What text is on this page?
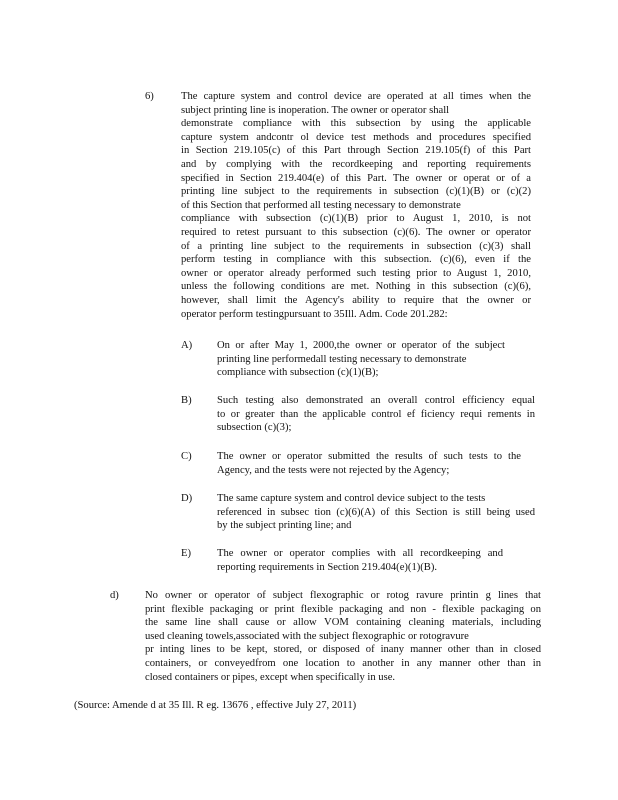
6)	The capture system and control device are operated at all times when the
subject printing line is inoperation. The owner or operator shall
demonstrate compliance with this subsection by using the applicable
capture system andcontr ol device test methods and procedures specified
in Section 219.105(c) of this Part through Section 219.105(f) of this Part
and by complying with the recordkeeping and reporting requirements
specified in Section 219.404(e) of this Part. The owner or operat or of a
printing line subject to the requirements in subsection (c)(1)(B) or (c)(2)
of this Section that performed all testing necessary to demonstrate
compliance with subsection (c)(1)(B) prior to August 1, 2010, is not
required to retest pursuant to this subsection (c)(6). The owner or operator
of a printing line subject to the requirements in subsection (c)(3) shall
perform testing in compliance with this subsection. (c)(6), even if the
owner or operator already performed such testing prior to August 1, 2010,
unless the following conditions are met. Nothing in this subsection (c)(6),
however, shall limit the Agency's ability to require that the owner or
operator perform testingpursuant to 35Ill. Adm. Code 201.282:
A) On or after May 1, 2000,the owner or operator of the subject
printing line performedall testing necessary to demonstrate
compliance with subsection (c)(1)(B);
B) Such testing also demonstrated an overall control efficiency equal
to or greater than the applicable control ef ficiency requi rements in
subsection (c)(3);
C) The owner or operator submitted the results of such tests to the
Agency, and the tests were not rejected by the Agency;
D) The same capture system and control device subject to the tests
referenced in subsec tion (c)(6)(A) of this Section is still being used
by the subject printing line; and
E) The owner or operator complies with all recordkeeping and
reporting requirements in Section 219.404(e)(1)(B).
d) No owner or operator of subject flexographic or rotog ravure printin g lines that
print flexible packaging or print flexible packaging and non - flexible packaging on
the same line shall cause or allow VOM containing cleaning materials, including
used cleaning towels,associated with the subject flexographic or rotogravure
pr inting lines to be kept, stored, or disposed of inany manner other than in closed
containers, or conveyedfrom one location to another in any manner other than in
closed containers or pipes, except when specifically in use.
(Source: Amende d at 35 Ill. R eg. 13676 , effective July 27, 2011)
